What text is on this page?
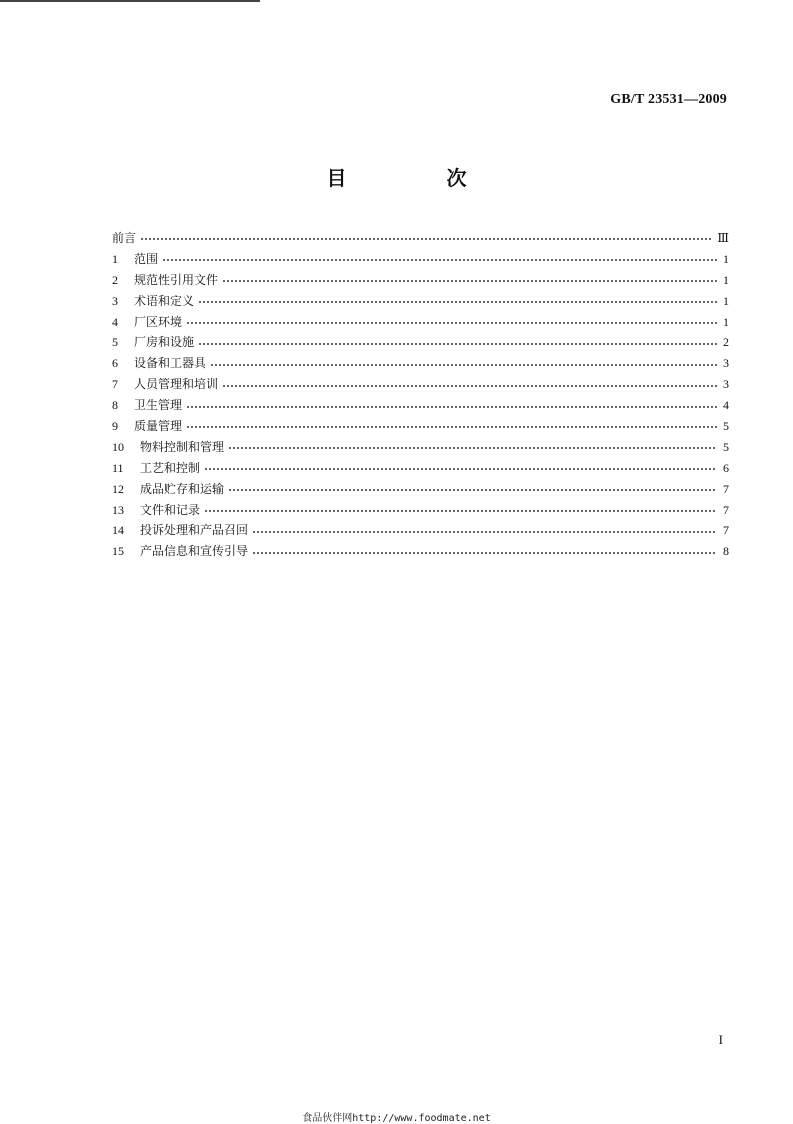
GB/T 23531—2009
目　次
前言	Ⅲ
1	范围	1
2	规范性引用文件	1
3	术语和定义	1
4	厂区环境	1
5	厂房和设施	2
6	设备和工器具	3
7	人员管理和培训	3
8	卫生管理	4
9	质量管理	5
10	物料控制和管理	5
11	工艺和控制	6
12	成品贮存和运输	7
13	文件和记录	7
14	投诉处理和产品召回	7
15	产品信息和宣传引导	8
I
食品伙伴网http://www.foodmate.net
